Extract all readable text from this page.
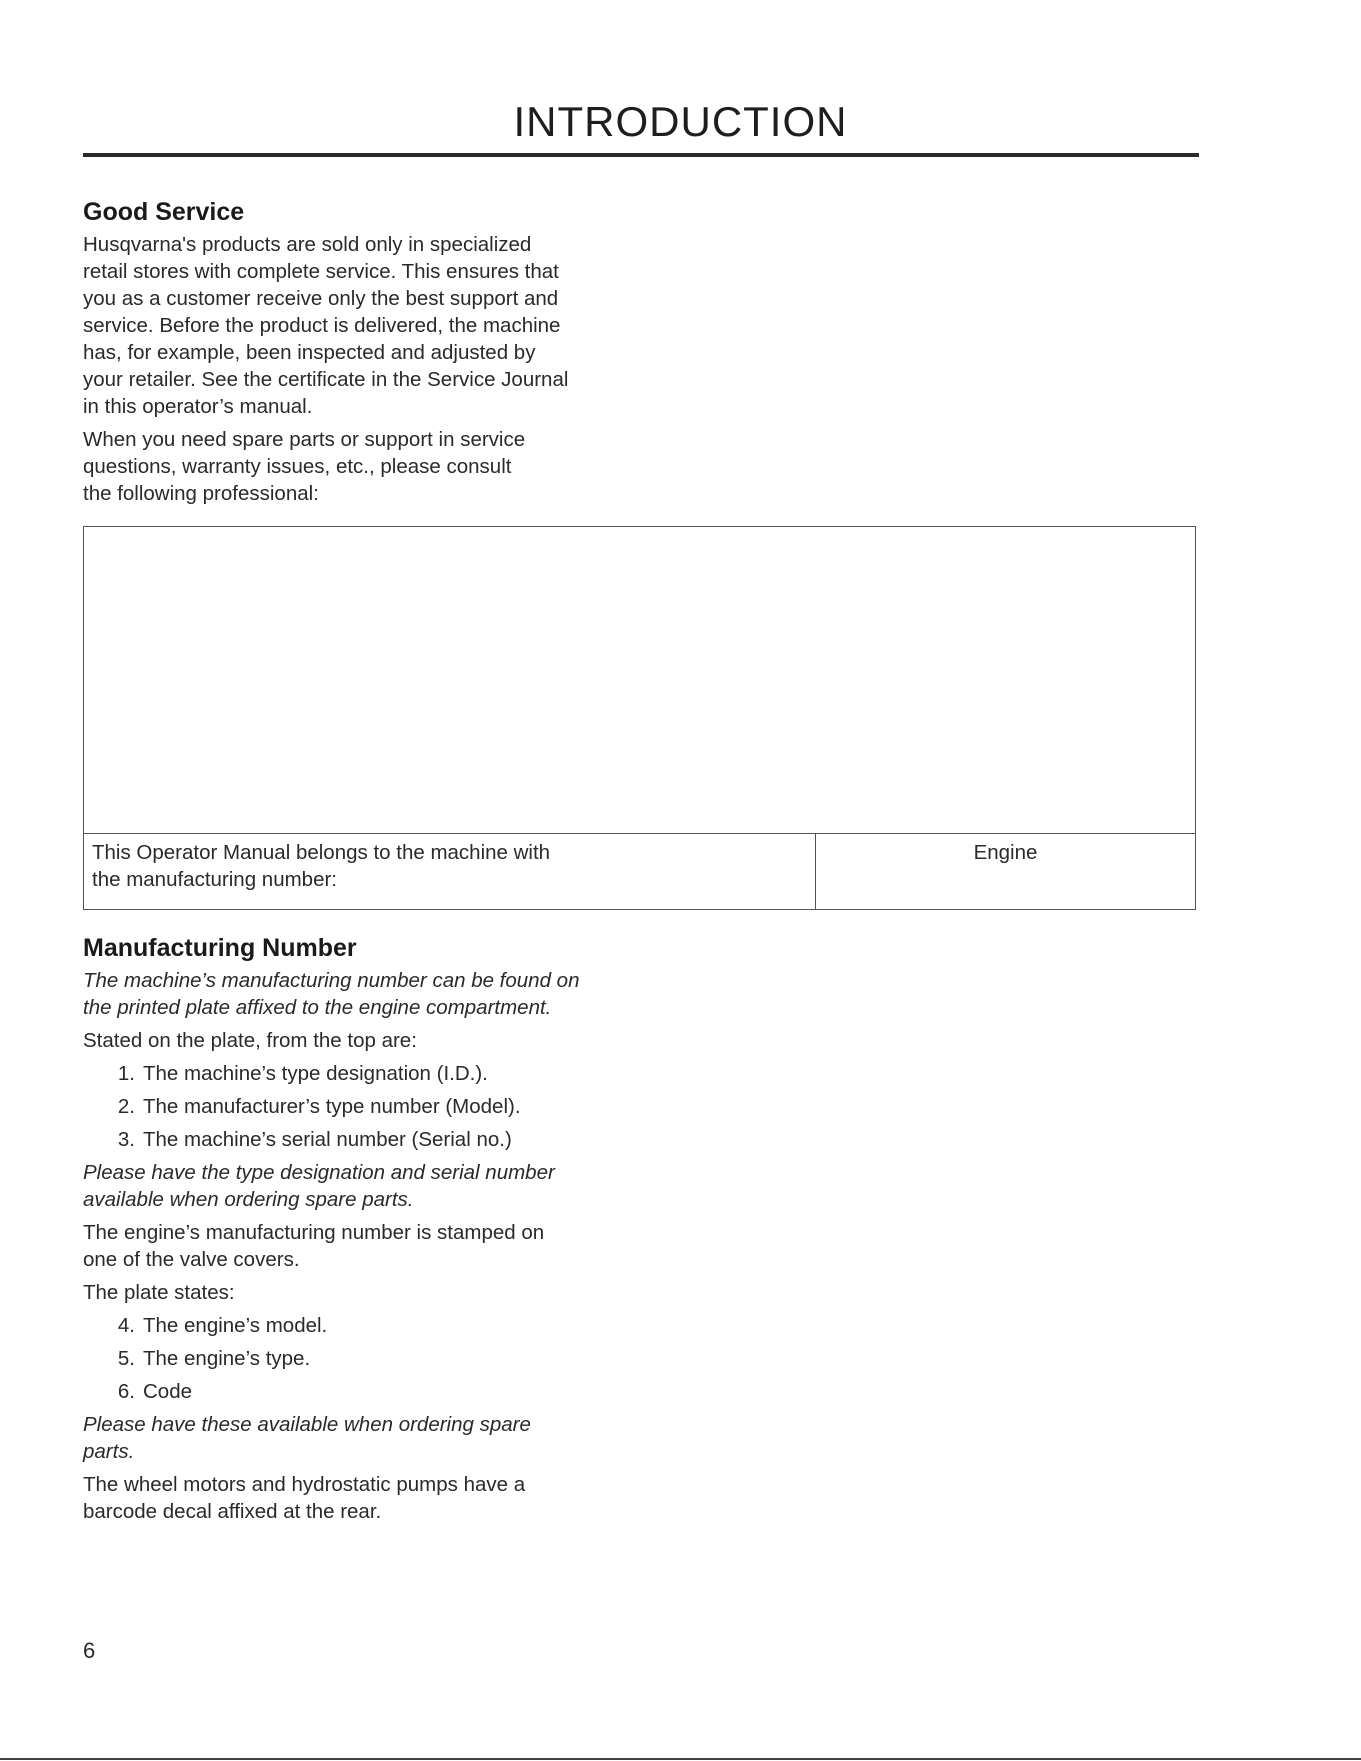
INTRODUCTION
Good Service
Husqvarna's products are sold only in specialized
retail stores with complete service. This ensures that
you as a customer receive only the best support and
service. Before the product is delivered, the machine
has, for example, been inspected and adjusted by
your retailer. See the certificate in the Service Journal
in this operator’s manual.
When you need spare parts or support in service
questions, warranty issues, etc., please consult
the following professional:
This Operator Manual belongs to the machine with
the manufacturing number:
Engine
Manufacturing Number
The machine’s manufacturing number can be found on
the printed plate affixed to the engine compartment.
Stated on the plate, from the top are:
1. The machine’s type designation (I.D.).
2. The manufacturer’s type number (Model).
3. The machine’s serial number (Serial no.)
Please have the type designation and serial number
available when ordering spare parts.
The engine’s manufacturing number is stamped on
one of the valve covers.
The plate states:
4. The engine’s model.
5. The engine’s type.
6. Code
Please have these available when ordering spare
parts.
The wheel motors and hydrostatic pumps have a
barcode decal affixed at the rear.
6
